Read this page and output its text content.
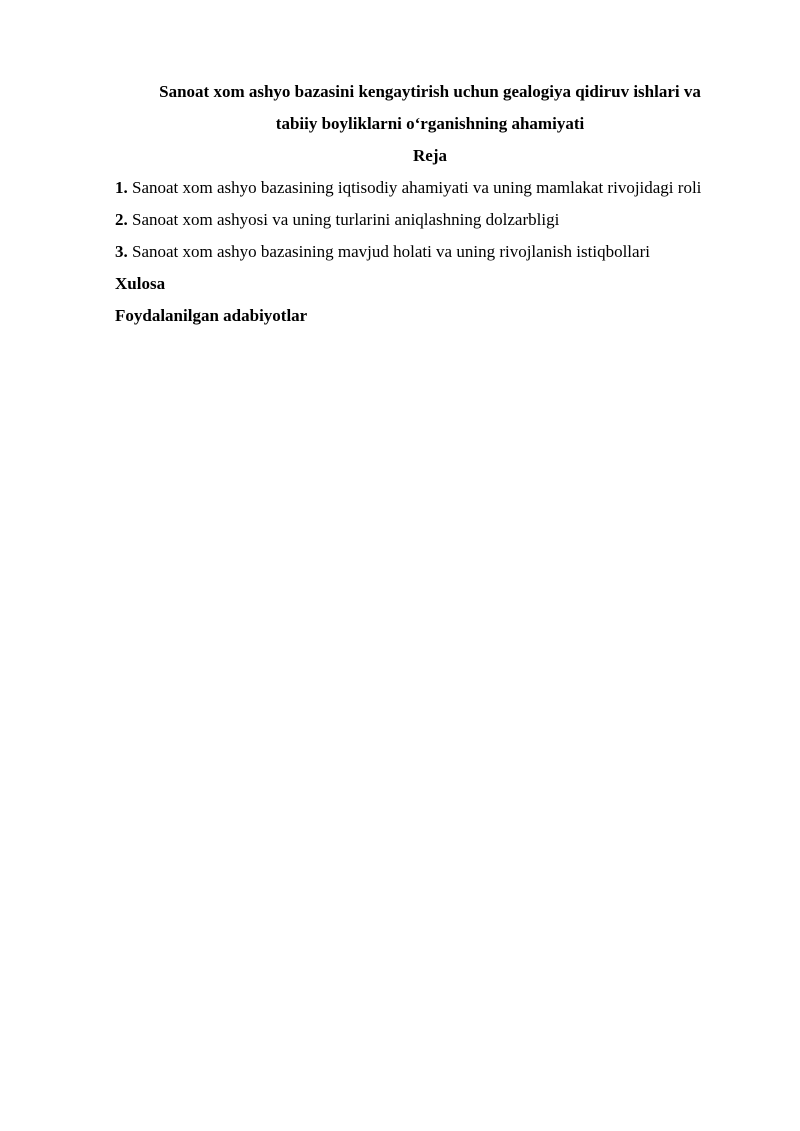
Sanoat xom ashyo bazasini kengaytirish uchun gealogiya qidiruv ishlari va
tabiiy boyliklarni o‘rganishning ahamiyati
Reja
1. Sanoat xom ashyo bazasining iqtisodiy ahamiyati va uning mamlakat rivojidagi roli
2. Sanoat xom ashyosi va uning turlarini aniqlashning dolzarbligi
3. Sanoat xom ashyo bazasining mavjud holati va uning rivojlanish istiqbollari

Xulosa

Foydalanilgan adabiyotlar
